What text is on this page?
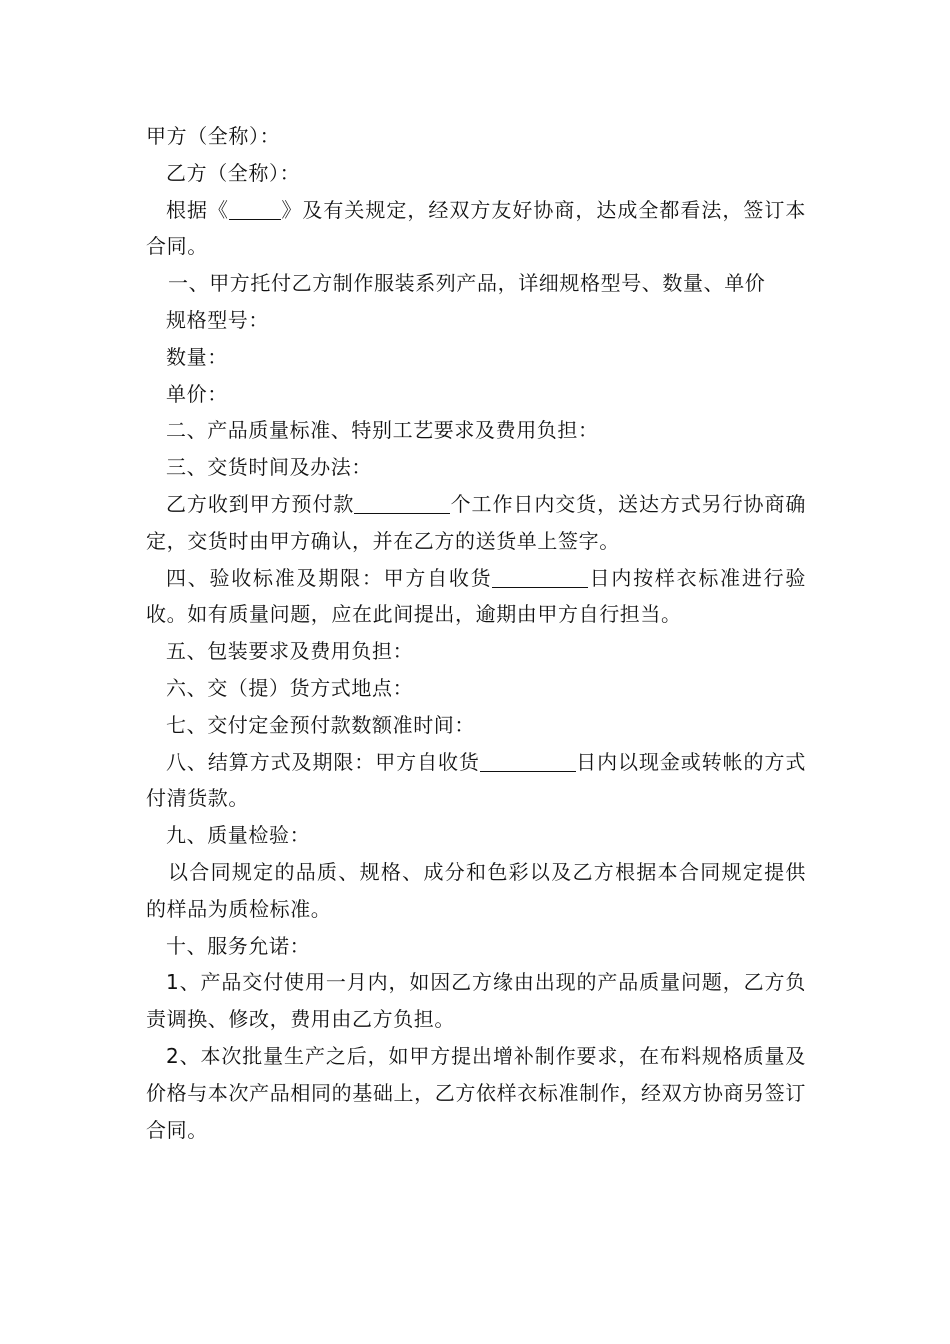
甲方（全称）：

乙方（全称）：

根据《	》及有关规定，经双方友好协商，达成全都看法，签订本合同。

一、甲方托付乙方制作服装系列产品，详细规格型号、数量、单价

规格型号：

数量：

单价：

二、产品质量标准、特别工艺要求及费用负担：

三、交货时间及办法：

乙方收到甲方预付款	个工作日内交货，送达方式另行协商确定，交货时由甲方确认，并在乙方的送货单上签字。

四、验收标准及期限：甲方自收货	日内按样衣标准进行验收。如有质量问题，应在此间提出，逾期由甲方自行担当。

五、包装要求及费用负担：

六、交（提）货方式地点：

七、交付定金预付款数额准时间：

八、结算方式及期限：甲方自收货	日内以现金或转帐的方式付清货款。

九、质量检验：

以合同规定的品质、规格、成分和色彩以及乙方根据本合同规定提供的样品为质检标准。

十、服务允诺：

1、产品交付使用一月内，如因乙方缘由出现的产品质量问题，乙方负责调换、修改，费用由乙方负担。

2、本次批量生产之后，如甲方提出增补制作要求，在布料规格质量及价格与本次产品相同的基础上，乙方依样衣标准制作，经双方协商另签订合同。
